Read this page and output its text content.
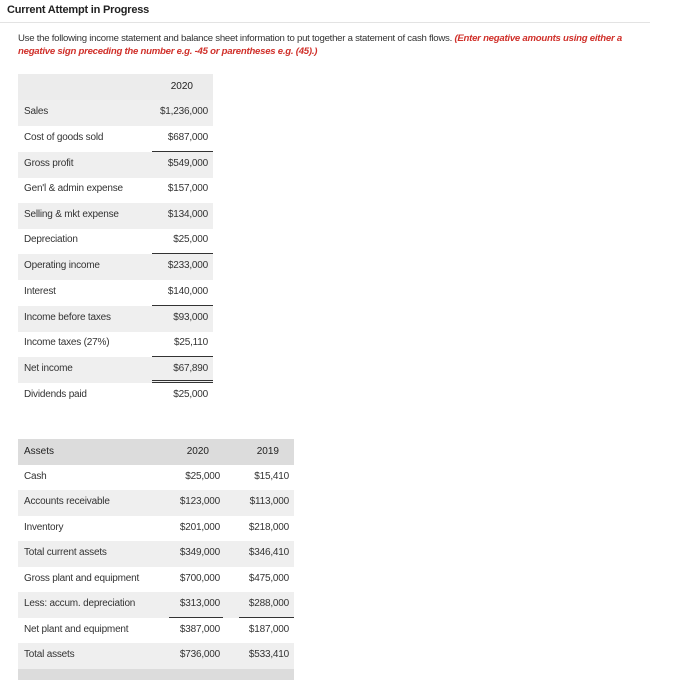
Current Attempt in Progress
Use the following income statement and balance sheet information to put together a statement of cash flows. (Enter negative amounts using either a negative sign preceding the number e.g. -45 or parentheses e.g. (45).)
2020
Sales	$1,236,000
Cost of goods sold	$687,000
Gross profit	$549,000
Gen'l & admin expense	$157,000
Selling & mkt expense	$134,000
Depreciation	$25,000
Operating income	$233,000
Interest	$140,000
Income before taxes	$93,000
Income taxes (27%)	$25,110
Net income	$67,890
Dividends paid	$25,000
Assets	2020	2019
Cash	$25,000	$15,410
Accounts receivable	$123,000	$113,000
Inventory	$201,000	$218,000
Total current assets	$349,000	$346,410
Gross plant and equipment	$700,000	$475,000
Less: accum. depreciation	$313,000	$288,000
Net plant and equipment	$387,000	$187,000
Total assets	$736,000	$533,410
